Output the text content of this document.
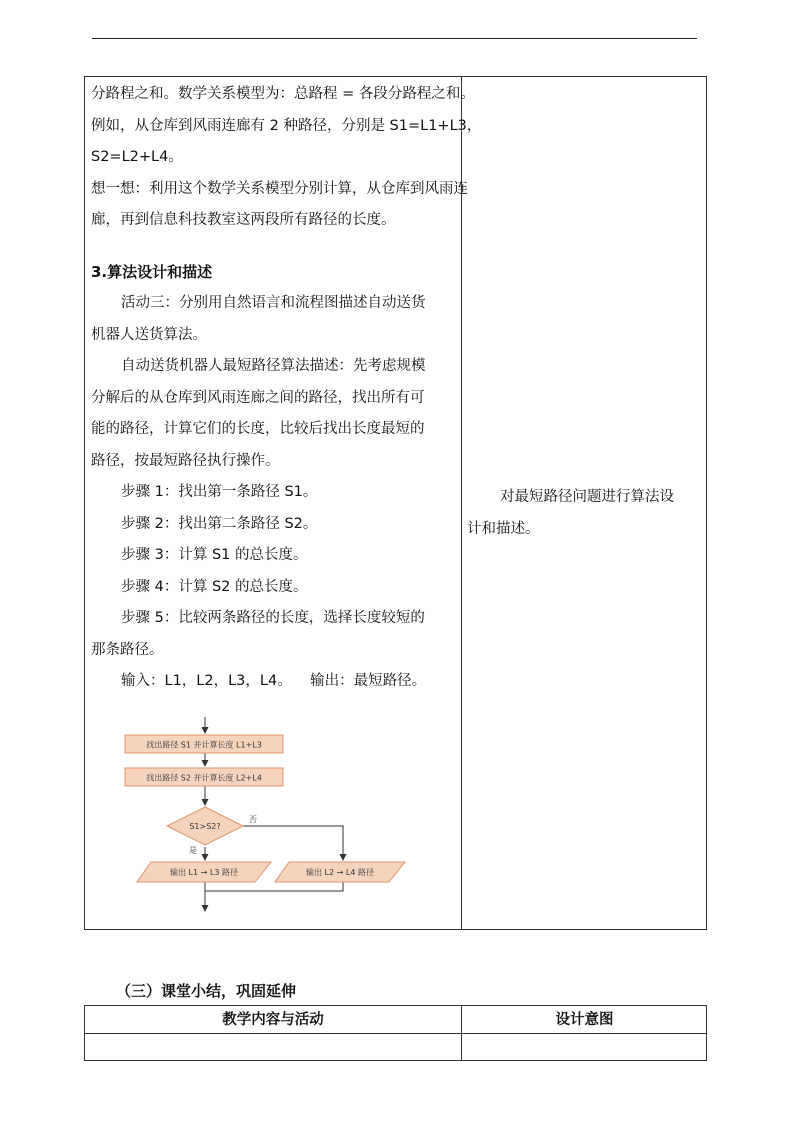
分路程之和。数学关系模型为：总路程 = 各段分路程之和。
例如，从仓库到风雨连廊有 2 种路径，分别是 S1=L1+L3，
S2=L2+L4。
想一想：利用这个数学关系模型分别计算，从仓库到风雨连
廊，再到信息科技教室这两段所有路径的长度。
3.算法设计和描述
活动三：分别用自然语言和流程图描述自动送货
机器人送货算法。
自动送货机器人最短路径算法描述：先考虑规模
分解后的从仓库到风雨连廊之间的路径，找出所有可
能的路径，计算它们的长度，比较后找出长度最短的
路径，按最短路径执行操作。
步骤 1：找出第一条路径 S1。
步骤 2：找出第二条路径 S2。
步骤 3：计算 S1 的总长度。
步骤 4：计算 S2 的总长度。
步骤 5：比较两条路径的长度，选择长度较短的
那条路径。
输入：L1，L2，L3，L4。    输出：最短路径。
找出路径 S1 并计算长度 L1+L3
找出路径 S2 并计算长度 L2+L4
S1>S2?
否
是
输出 L1 → L3 路径	输出 L2 → L4 路径
对最短路径问题进行算法设
计和描述。
（三）课堂小结，巩固延伸
教学内容与活动	设计意图
